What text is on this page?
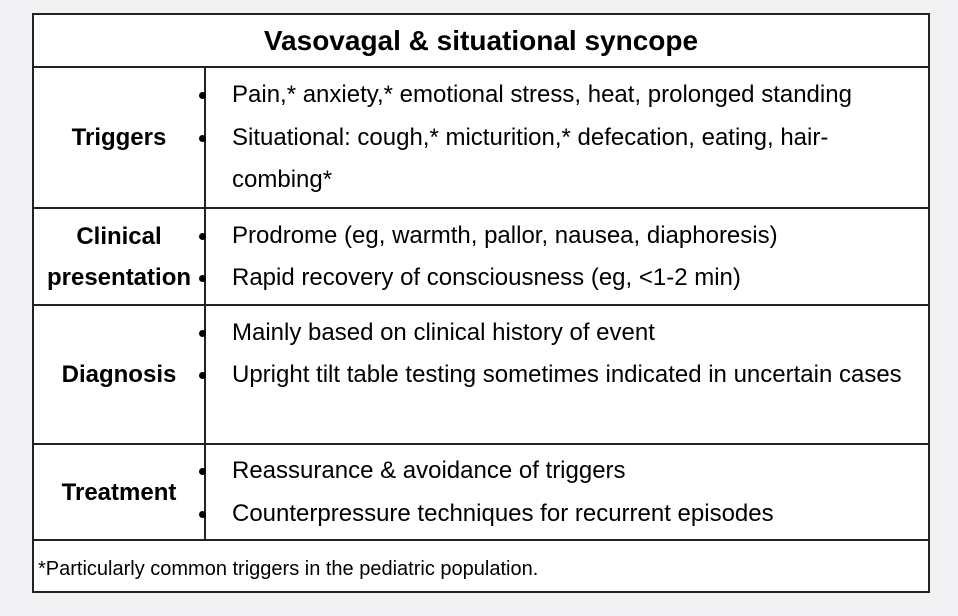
Vasovagal & situational syncope
Triggers
Pain,* anxiety,* emotional stress, heat, prolonged standing
Situational: cough,* micturition,* defecation, eating, hair-combing*
Clinical presentation
Prodrome (eg, warmth, pallor, nausea, diaphoresis)
Rapid recovery of consciousness (eg, <1-2 min)
Diagnosis
Mainly based on clinical history of event
Upright tilt table testing sometimes indicated in uncertain cases
Treatment
Reassurance & avoidance of triggers
Counterpressure techniques for recurrent episodes
*Particularly common triggers in the pediatric population.
